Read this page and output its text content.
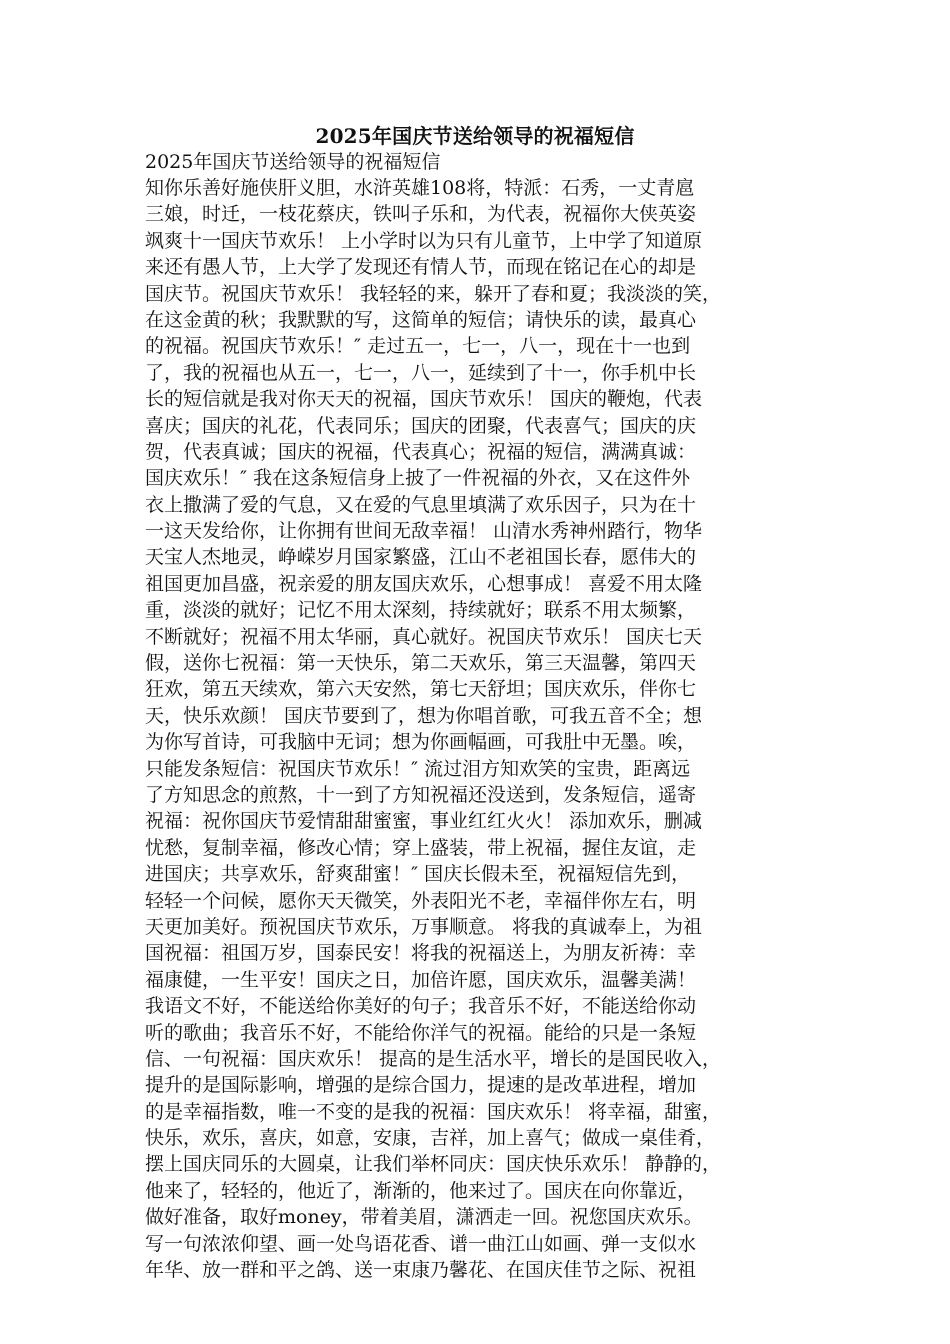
2025年国庆节送给领导的祝福短信
2025年国庆节送给领导的祝福短信
知你乐善好施侠肝义胆，水浒英雄108将，特派：石秀，一丈青扈
三娘，时迁，一枝花蔡庆，铁叫子乐和，为代表，祝福你大侠英姿
飒爽十一国庆节欢乐！ 上小学时以为只有儿童节，上中学了知道原
来还有愚人节，上大学了发现还有情人节，而现在铭记在心的却是
国庆节。祝国庆节欢乐！ 我轻轻的来，躲开了春和夏；我淡淡的笑，
在这金黄的秋；我默默的写，这简单的短信；请快乐的读，最真心
的祝福。祝国庆节欢乐！″ 走过五一，七一，八一，现在十一也到
了，我的祝福也从五一，七一，八一，延续到了十一，你手机中长
长的短信就是我对你天天的祝福，国庆节欢乐！ 国庆的鞭炮，代表
喜庆；国庆的礼花，代表同乐；国庆的团聚，代表喜气；国庆的庆
贺，代表真诚；国庆的祝福，代表真心；祝福的短信，满满真诚：
国庆欢乐！″ 我在这条短信身上披了一件祝福的外衣，又在这件外
衣上撒满了爱的气息，又在爱的气息里填满了欢乐因子，只为在十
一这天发给你，让你拥有世间无敌幸福！ 山清水秀神州踏行，物华
天宝人杰地灵，峥嵘岁月国家繁盛，江山不老祖国长春，愿伟大的
祖国更加昌盛，祝亲爱的朋友国庆欢乐，心想事成！ 喜爱不用太隆
重，淡淡的就好；记忆不用太深刻，持续就好；联系不用太频繁，
不断就好；祝福不用太华丽，真心就好。祝国庆节欢乐！ 国庆七天
假，送你七祝福：第一天快乐，第二天欢乐，第三天温馨，第四天
狂欢，第五天续欢，第六天安然，第七天舒坦；国庆欢乐，伴你七
天，快乐欢颜！ 国庆节要到了，想为你唱首歌，可我五音不全；想
为你写首诗，可我脑中无词；想为你画幅画，可我肚中无墨。唉，
只能发条短信：祝国庆节欢乐！″ 流过泪方知欢笑的宝贵，距离远
了方知思念的煎熬，十一到了方知祝福还没送到，发条短信，遥寄
祝福：祝你国庆节爱情甜甜蜜蜜，事业红红火火！ 添加欢乐，删减
忧愁，复制幸福，修改心情；穿上盛装，带上祝福，握住友谊，走
进国庆；共享欢乐，舒爽甜蜜！″ 国庆长假未至，祝福短信先到，
轻轻一个问候，愿你天天微笑，外表阳光不老，幸福伴你左右，明
天更加美好。预祝国庆节欢乐，万事顺意。 将我的真诚奉上，为祖
国祝福：祖国万岁，国泰民安！将我的祝福送上，为朋友祈祷：幸
福康健，一生平安！国庆之日，加倍许愿，国庆欢乐，温馨美满！
我语文不好，不能送给你美好的句子；我音乐不好，不能送给你动
听的歌曲；我音乐不好，不能给你洋气的祝福。能给的只是一条短
信、一句祝福：国庆欢乐！ 提高的是生活水平，增长的是国民收入，
提升的是国际影响，增强的是综合国力，提速的是改革进程，增加
的是幸福指数，唯一不变的是我的祝福：国庆欢乐！ 将幸福，甜蜜，
快乐，欢乐，喜庆，如意，安康，吉祥，加上喜气；做成一桌佳肴，
摆上国庆同乐的大圆桌，让我们举杯同庆：国庆快乐欢乐！ 静静的，
他来了，轻轻的，他近了，渐渐的，他来过了。国庆在向你靠近，
做好准备，取好money，带着美眉，潇洒走一回。祝您国庆欢乐。
写一句浓浓仰望、画一处鸟语花香、谱一曲江山如画、弹一支似水
年华、放一群和平之鸽、送一束康乃馨花、在国庆佳节之际、祝祖
